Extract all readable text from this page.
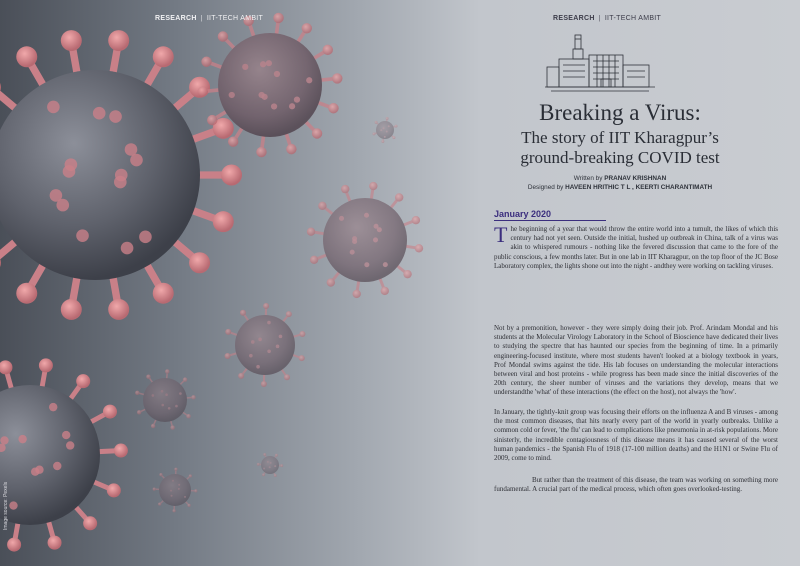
RESEARCH | IIT-TECH AMBIT	RESEARCH | IIT-TECH AMBIT
Breaking a Virus:
The story of IIT Kharagpur’s
ground-breaking COVID test
Written by PRANAV KRISHNAN
Designed by HAVEEN HRITHIC T L , KEERTI CHARANTIMATH
January 2020
The beginning of a year that would throw the entire world into a tumult, the likes of which this century had not yet seen. Outside the initial, hushed up outbreak in China, talk of a virus was akin to whispered rumours - nothing like the fevered discussion that came to the fore of the public conscious, a few months later. But in one lab in IIT Kharagpur, on the top floor of the JC Bose Laboratory complex, the lights shone out into the night - andthey were working on tackling viruses.
Not by a premonition, however - they were simply doing their job. Prof. Arindam Mondal and his students at the Molecular Virology Laboratory in the School of Bioscience have dedicated their lives to studying the spectre that has haunted our species from the beginning of time. In a primarily engineering-focused institute, where most students haven't looked at a biology textbook in years, Prof Mondal swims against the tide. His lab focuses on understanding the molecular interactions between viral and host proteins - while progress has been made since the initial discoveries of the 20th century, the sheer number of viruses and the variations they develop, means that we understandthe 'what' of these interactions (the effect on the host), not always the 'how'.
In January, the tightly-knit group was focusing their efforts on the influenza A and B viruses - among the most common diseases, that hits nearly every part of the world in yearly outbreaks. Unlike a common cold or fever, 'the flu' can lead to complications like pneumonia in at-risk populations. More sinisterly, the incredible contagiousness of this disease means it has caused several of the worst human pandemics - the Spanish Flu of 1918 (17-100 million deaths) and the H1N1 or Swine Flu of 2009, come to mind.
But rather than the treatment of this disease, the team was working on something more fundamental. A crucial part of the medical process, which often goes overlooked-testing.
Image source: Pexels
